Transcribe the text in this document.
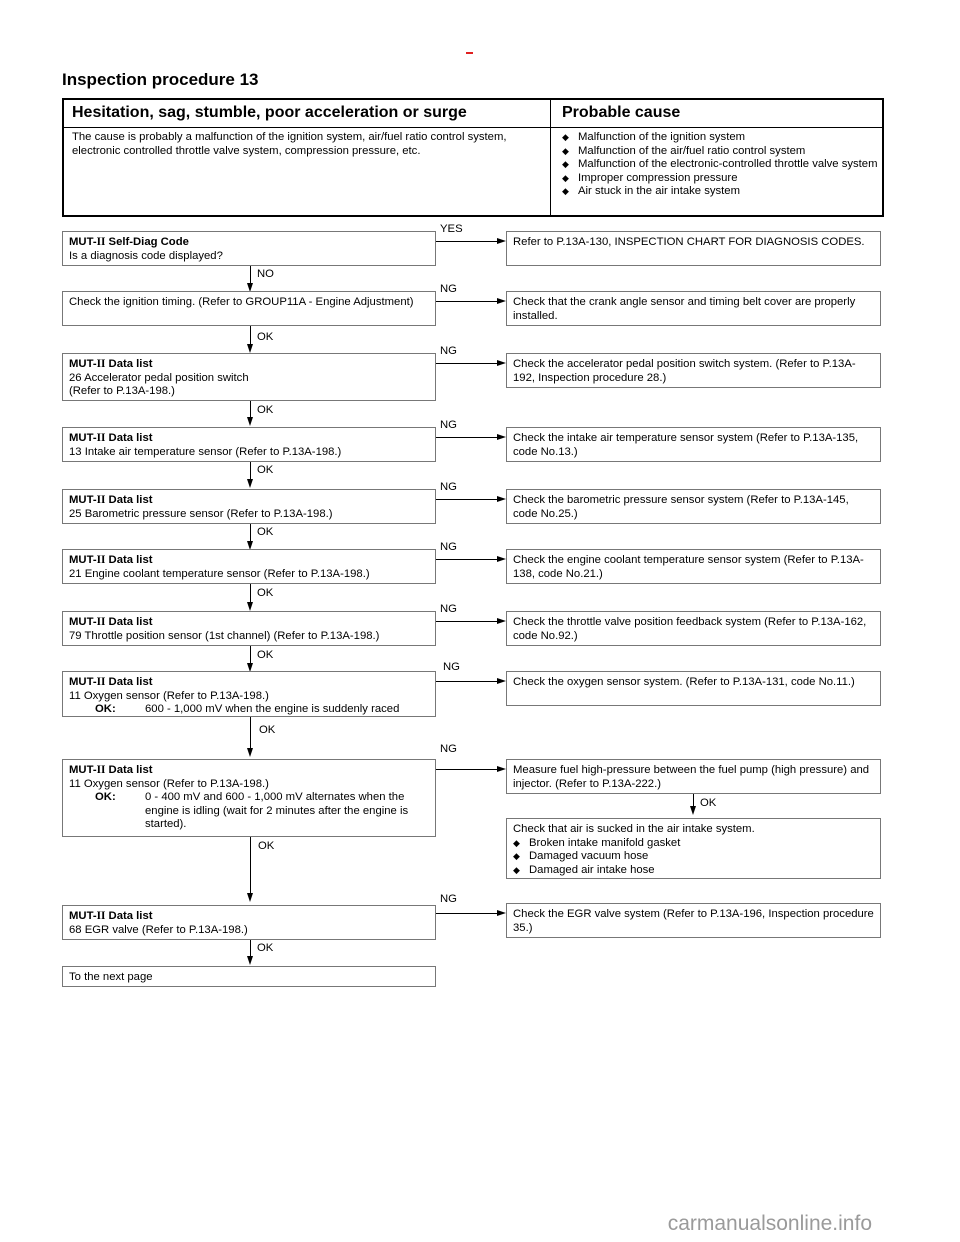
Inspection procedure 13
Hesitation, sag, stumble, poor acceleration or surge	Probable cause
The cause is probably a malfunction of the ignition system, air/fuel ratio control system, electronic controlled throttle valve system, compression pressure, etc.
◆ Malfunction of the ignition system
◆ Malfunction of the air/fuel ratio control system
◆ Malfunction of the electronic-controlled throttle valve system
◆ Improper compression pressure
◆ Air stuck in the air intake system
MUT-II Self-Diag Code
Is a diagnosis code displayed?
Refer to P.13A-130, INSPECTION CHART FOR DIAGNOSIS CODES.
YES
NO
Check the ignition timing. (Refer to GROUP11A - Engine Adjustment)	Check that the crank angle sensor and timing belt cover are properly installed.
NG
OK
MUT-II Data list
26 Accelerator pedal position switch
(Refer to P.13A-198.)
Check the accelerator pedal position switch system. (Refer to P.13A-192, Inspection procedure 28.)
NG
OK
MUT-II Data list
13 Intake air temperature sensor (Refer to P.13A-198.)
Check the intake air temperature sensor system (Refer to P.13A-135, code No.13.)
NG
OK
MUT-II Data list
25 Barometric pressure sensor (Refer to P.13A-198.)
Check the barometric pressure sensor system (Refer to P.13A-145, code No.25.)
NG
OK
MUT-II Data list
21 Engine coolant temperature sensor (Refer to P.13A-198.)
Check the engine coolant temperature sensor system (Refer to P.13A-138, code No.21.)
NG
OK
MUT-II Data list
79 Throttle position sensor (1st channel) (Refer to P.13A-198.)
Check the throttle valve position feedback system (Refer to P.13A-162, code No.92.)
NG
OK
MUT-II Data list
11 Oxygen sensor (Refer to P.13A-198.)
OK:	600 - 1,000 mV when the engine is suddenly raced
Check the oxygen sensor system. (Refer to P.13A-131, code No.11.)
NG
OK
MUT-II Data list
11 Oxygen sensor (Refer to P.13A-198.)
OK:	0 - 400 mV and 600 - 1,000 mV alternates when the engine is idling (wait for 2 minutes after the engine is started).
Measure fuel high-pressure between the fuel pump (high pressure) and injector. (Refer to P.13A-222.)
NG
OK
Check that air is sucked in the air intake system.
◆ Broken intake manifold gasket
◆ Damaged vacuum hose
◆ Damaged air intake hose
OK
MUT-II Data list
68 EGR valve (Refer to P.13A-198.)
Check the EGR valve system (Refer to P.13A-196, Inspection procedure 35.)
NG
OK
To the next page
carmanualsonline.info
